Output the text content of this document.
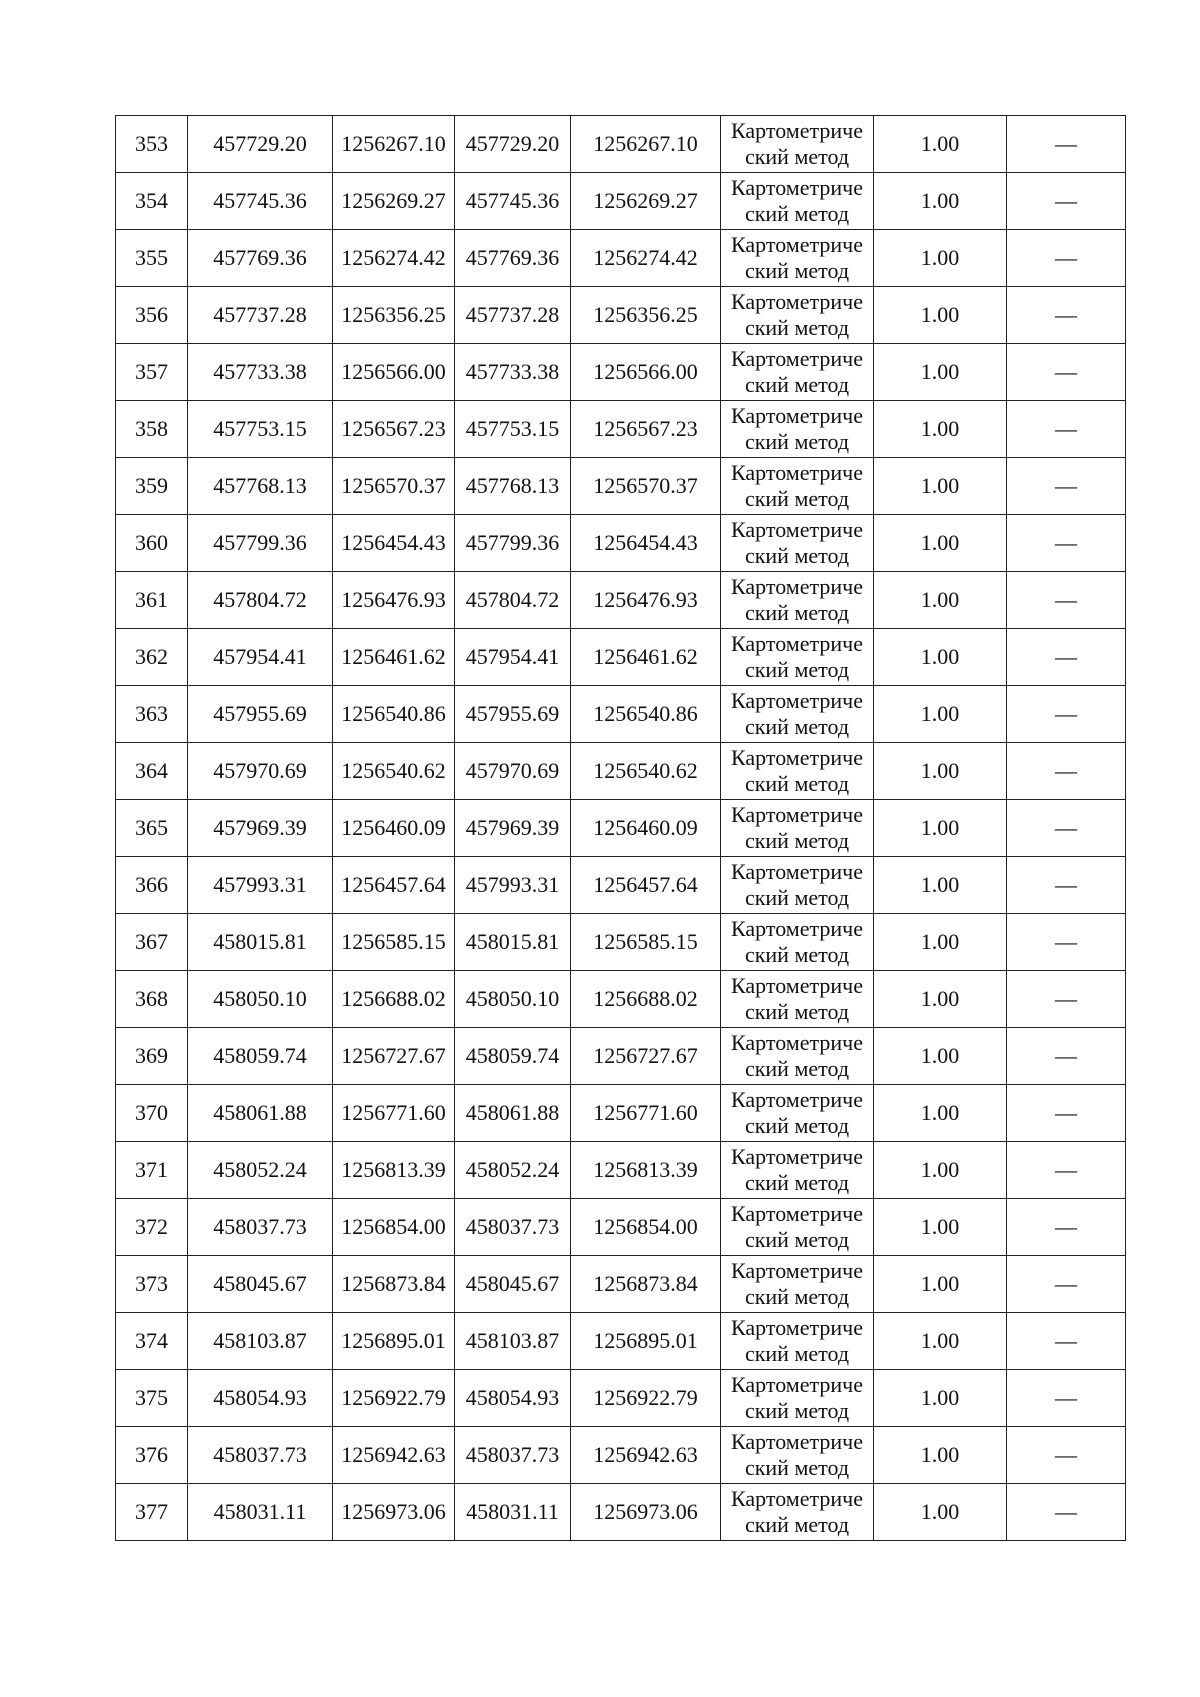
353	457729.20	1256267.10	457729.20	1256267.10	Картометриче
ский метод	1.00	—
354	457745.36	1256269.27	457745.36	1256269.27	Картометриче
ский метод	1.00	—
355	457769.36	1256274.42	457769.36	1256274.42	Картометриче
ский метод	1.00	—
356	457737.28	1256356.25	457737.28	1256356.25	Картометриче
ский метод	1.00	—
357	457733.38	1256566.00	457733.38	1256566.00	Картометриче
ский метод	1.00	—
358	457753.15	1256567.23	457753.15	1256567.23	Картометриче
ский метод	1.00	—
359	457768.13	1256570.37	457768.13	1256570.37	Картометриче
ский метод	1.00	—
360	457799.36	1256454.43	457799.36	1256454.43	Картометриче
ский метод	1.00	—
361	457804.72	1256476.93	457804.72	1256476.93	Картометриче
ский метод	1.00	—
362	457954.41	1256461.62	457954.41	1256461.62	Картометриче
ский метод	1.00	—
363	457955.69	1256540.86	457955.69	1256540.86	Картометриче
ский метод	1.00	—
364	457970.69	1256540.62	457970.69	1256540.62	Картометриче
ский метод	1.00	—
365	457969.39	1256460.09	457969.39	1256460.09	Картометриче
ский метод	1.00	—
366	457993.31	1256457.64	457993.31	1256457.64	Картометриче
ский метод	1.00	—
367	458015.81	1256585.15	458015.81	1256585.15	Картометриче
ский метод	1.00	—
368	458050.10	1256688.02	458050.10	1256688.02	Картометриче
ский метод	1.00	—
369	458059.74	1256727.67	458059.74	1256727.67	Картометриче
ский метод	1.00	—
370	458061.88	1256771.60	458061.88	1256771.60	Картометриче
ский метод	1.00	—
371	458052.24	1256813.39	458052.24	1256813.39	Картометриче
ский метод	1.00	—
372	458037.73	1256854.00	458037.73	1256854.00	Картометриче
ский метод	1.00	—
373	458045.67	1256873.84	458045.67	1256873.84	Картометриче
ский метод	1.00	—
374	458103.87	1256895.01	458103.87	1256895.01	Картометриче
ский метод	1.00	—
375	458054.93	1256922.79	458054.93	1256922.79	Картометриче
ский метод	1.00	—
376	458037.73	1256942.63	458037.73	1256942.63	Картометриче
ский метод	1.00	—
377	458031.11	1256973.06	458031.11	1256973.06	Картометриче
ский метод	1.00	—
